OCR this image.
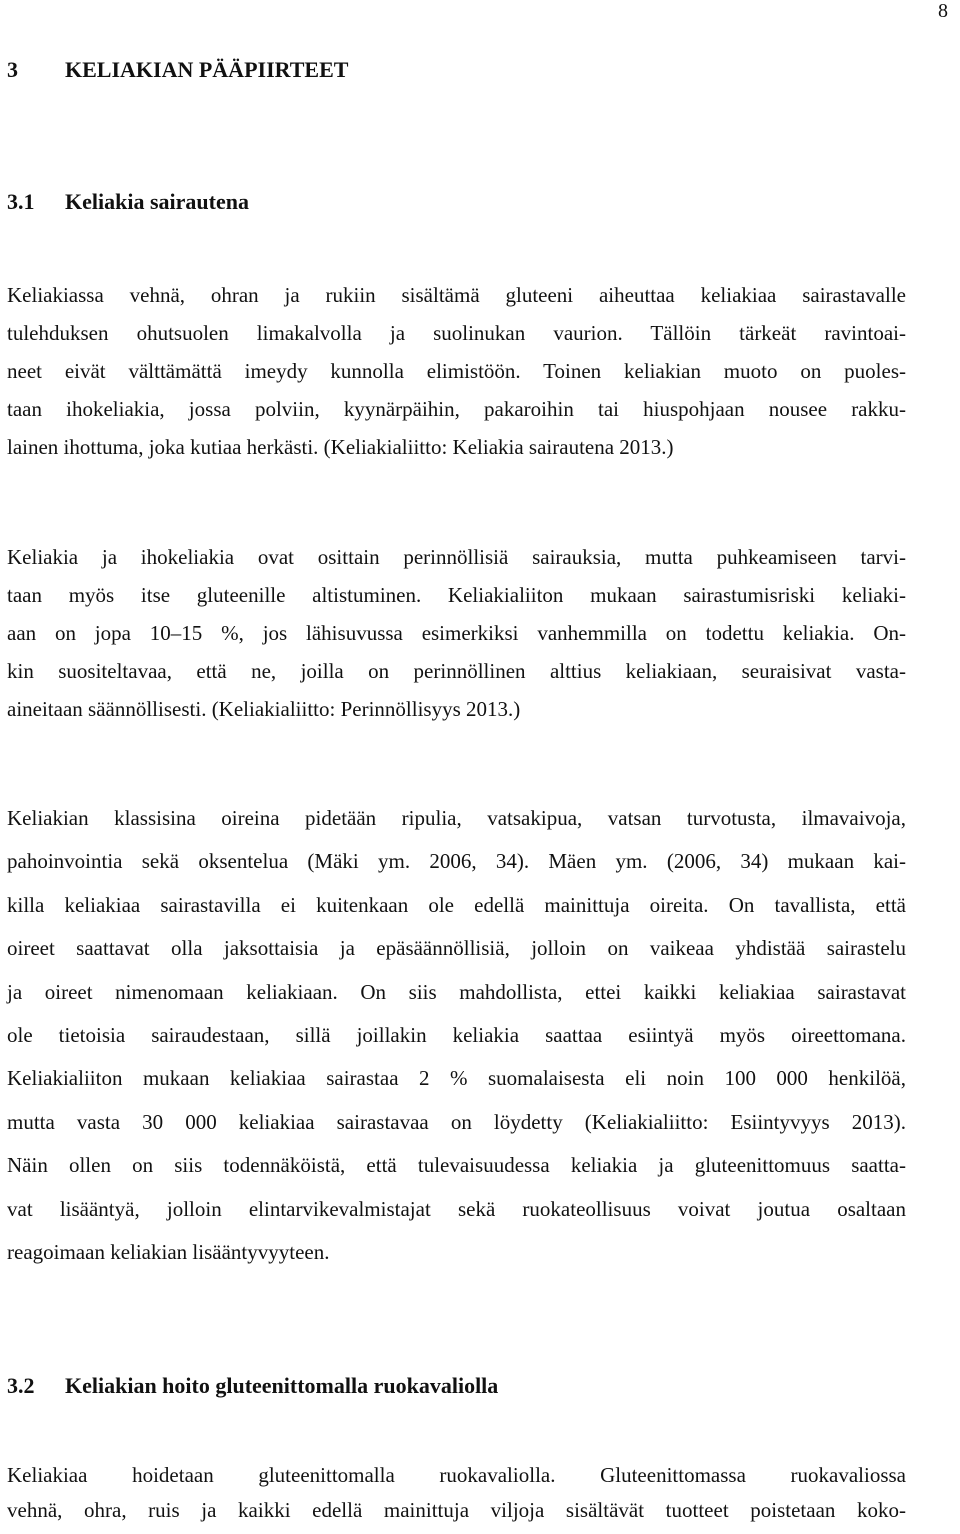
8
3 KELIAKIAN PÄÄPIIRTEET
3.1 Keliakia sairautena

Keliakiassa vehnä, ohran ja rukiin sisältämä gluteeni aiheuttaa keliakiaa sairastavalle
tulehduksen ohutsuolen limakalvolla ja suolinukan vaurion. Tällöin tärkeät ravintoai-
neet eivät välttämättä imeydy kunnolla elimistöön. Toinen keliakian muoto on puoles-
taan ihokeliakia, jossa polviin, kyynärpäihin, pakaroihin tai hiuspohjaan nousee rakku-
lainen ihottuma, joka kutiaa herkästi. (Keliakialiitto: Keliakia sairautena 2013.)

Keliakia ja ihokeliakia ovat osittain perinnöllisiä sairauksia, mutta puhkeamiseen tarvi-
taan myös itse gluteenille altistuminen. Keliakialiiton mukaan sairastumisriski keliaki-
aan on jopa 10–15 %, jos lähisuvussa esimerkiksi vanhemmilla on todettu keliakia. On-
kin suositeltavaa, että ne, joilla on perinnöllinen alttius keliakiaan, seuraisivat vasta-
aineitaan säännöllisesti. (Keliakialiitto: Perinnöllisyys 2013.)

Keliakian klassisina oireina pidetään ripulia, vatsakipua, vatsan turvotusta, ilmavaivoja,
pahoinvointia sekä oksentelua (Mäki ym. 2006, 34). Mäen ym. (2006, 34) mukaan kai-
killa keliakiaa sairastavilla ei kuitenkaan ole edellä mainittuja oireita. On tavallista, että
oireet saattavat olla jaksottaisia ja epäsäännöllisiä, jolloin on vaikeaa yhdistää sairastelu
ja oireet nimenomaan keliakiaan. On siis mahdollista, ettei kaikki keliakiaa sairastavat
ole tietoisia sairaudestaan, sillä joillakin keliakia saattaa esiintyä myös oireettomana.
Keliakialiiton mukaan keliakiaa sairastaa 2 % suomalaisesta eli noin 100 000 henkilöä,
mutta vasta 30 000 keliakiaa sairastavaa on löydetty (Keliakialiitto: Esiintyvyys 2013).
Näin ollen on siis todennäköistä, että tulevaisuudessa keliakia ja gluteenittomuus saatta-
vat lisääntyä, jolloin elintarvikevalmistajat sekä ruokateollisuus voivat joutua osaltaan
reagoimaan keliakian lisääntyvyyteen.

3.2 Keliakian hoito gluteenittomalla ruokavaliolla

Keliakiaa hoidetaan gluteenittomalla ruokavaliolla. Gluteenittomassa ruokavaliossa
vehnä, ohra, ruis ja kaikki edellä mainittuja viljoja sisältävät tuotteet poistetaan koko-
